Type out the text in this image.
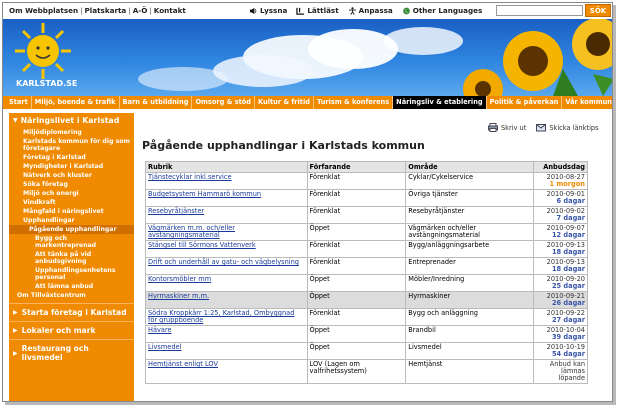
Om Webbplatsen | Platskarta | A-Ö | Kontakt	Lyssna	Lättläst	Anpassa	Other Languages	SÖK
KARLSTAD.SE
Start	Miljö, boende & trafik	Barn & utbildning	Omsorg & stöd	Kultur & fritid	Turism & konferens	Näringsliv & etablering	Politik & påverkan	Vår kommun
▼ Näringslivet i Karlstad
Miljödiplomering
Karlstads kommun för dig som företagare
Företag i Karlstad
Myndigheter i Karlstad
Nätverk och kluster
Söka företag
Miljö och energi
Vindkraft
Mångfald i näringslivet
Upphandlingar
Pågående upphandlingar
Bygg och markentreprenad
Att tänka på vid anbudsgivning
Upphandlingsenhetens personal
Att lämna anbud
Om Tillväxtcentrum
▶ Starta företag i Karlstad
▶ Lokaler och mark
▶ Restaurang och livsmedel
Skriv ut	Skicka länktips
Pågående upphandlingar i Karlstads kommun
Rubrik	Förfarande	Område	Anbudsdag
Tjänstecyklar inkl.service	Förenklat	Cyklar/Cykelservice	2010-08-27
1 morgon

Budgetsystem Hammarö kommun	Förenklat	Övriga tjänster	2010-09-01
6 dagar

Resebyråtjänster	Förenklat	Resebyråtjänster	2010-09-02
7 dagar

Vägmärken m.m. och/eller avstängningsmaterial	Öppet	Vägmärken och/eller avstängningsmaterial	2010-09-07
12 dagar

Stängsel till Sörmons Vattenverk	Förenklat	Bygg/anläggningsarbete	2010-09-13
18 dagar

Drift och underhåll av gatu- och vägbelysning	Förenklat	Entreprenader	2010-09-13
18 dagar

Kontorsmöbler mm	Öppet	Möbler/Inredning	2010-09-20
25 dagar

Hyrmaskiner m.m.	Öppet	Hyrmaskiner	2010-09-21
26 dagar

Södra Kroppkärr 1:25, Karlstad, Ombyggnad för gruppboende	Förenklat	Bygg och anläggning	2010-09-22
27 dagar

Hävare	Öppet	Brandbil	2010-10-04
39 dagar

Livsmedel	Öppet	Livsmedel	2010-10-19
54 dagar

Hemtjänst enligt LOV	LOV (Lagen om valfrihetssystem)	Hemtjänst	Anbud kan lämnas löpande
